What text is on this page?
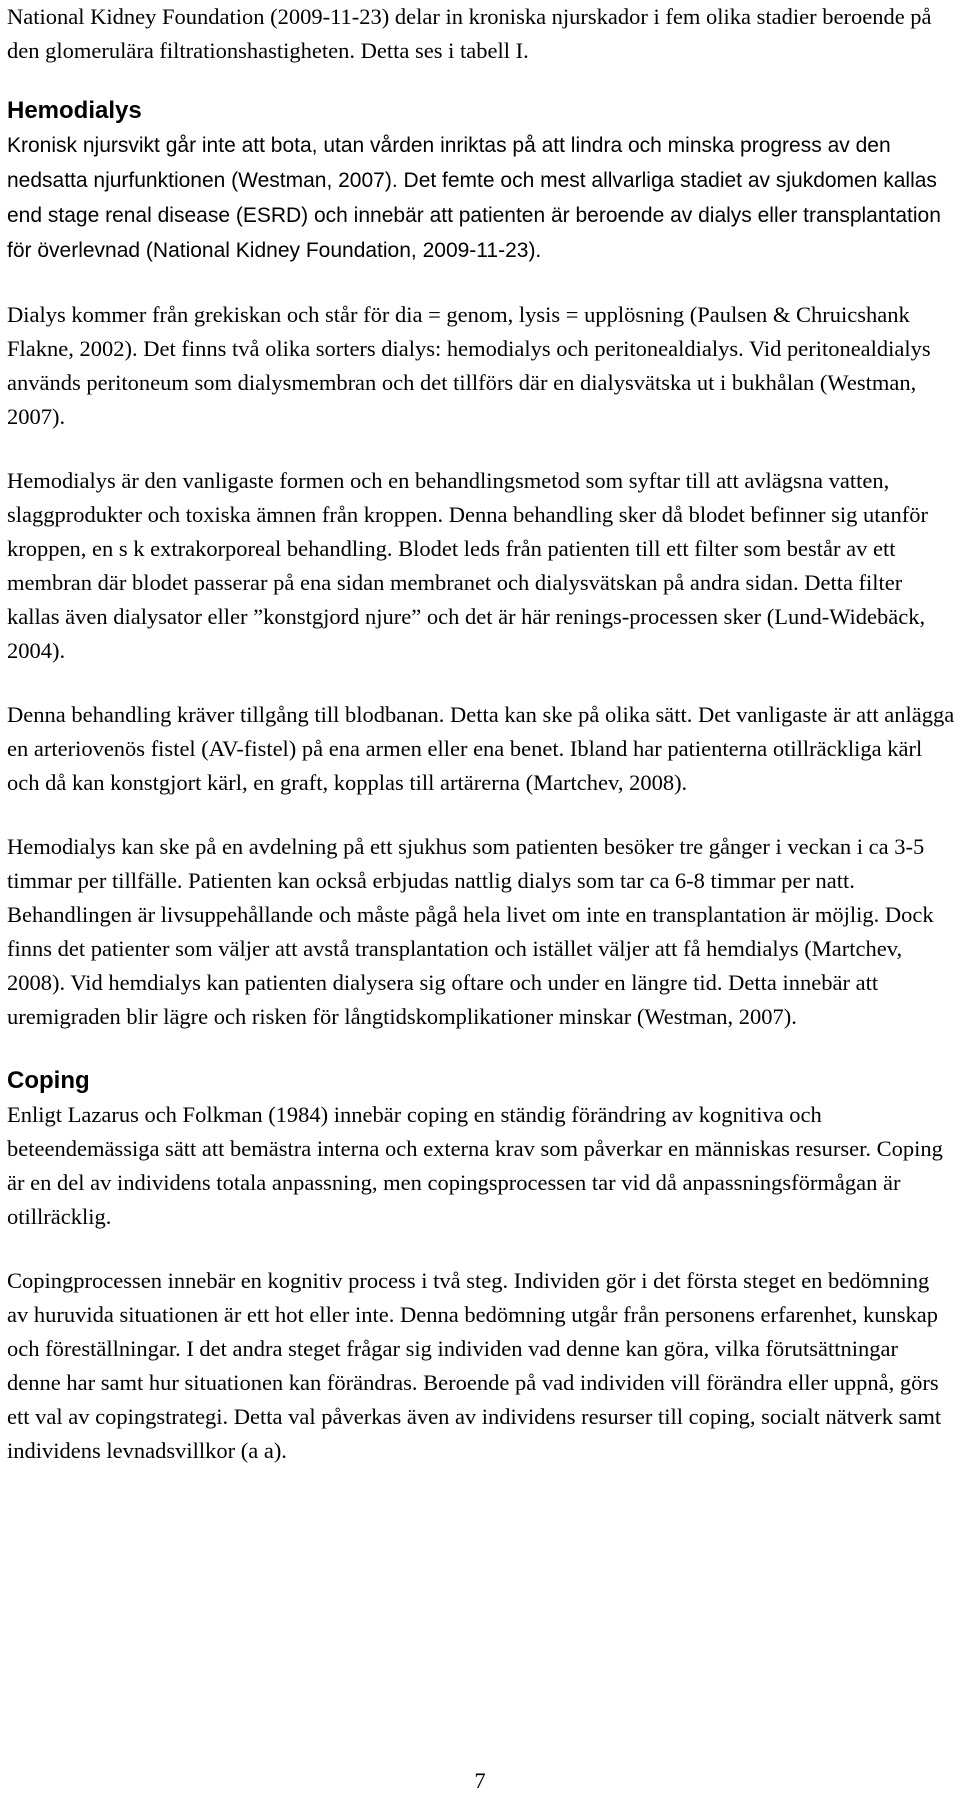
National Kidney Foundation (2009-11-23) delar in kroniska njurskador i fem olika stadier beroende på den glomerulära filtrationshastigheten. Detta ses i tabell I.

Hemodialys

Kronisk njursvikt går inte att bota, utan vården inriktas på att lindra och minska progress av den nedsatta njurfunktionen (Westman, 2007). Det femte och mest allvarliga stadiet av sjukdomen kallas end stage renal disease (ESRD) och innebär att patienten är beroende av dialys eller transplantation för överlevnad (National Kidney Foundation, 2009-11-23).

Dialys kommer från grekiskan och står för dia = genom, lysis = upplösning (Paulsen & Chruicshank Flakne, 2002). Det finns två olika sorters dialys: hemodialys och peritonealdialys. Vid peritonealdialys används peritoneum som dialysmembran och det tillförs där en dialysvätska ut i bukhålan (Westman, 2007).

Hemodialys är den vanligaste formen och en behandlingsmetod som syftar till att avlägsna vatten, slaggprodukter och toxiska ämnen från kroppen. Denna behandling sker då blodet befinner sig utanför kroppen, en s k extrakorporeal behandling. Blodet leds från patienten till ett filter som består av ett membran där blodet passerar på ena sidan membranet och dialysvätskan på andra sidan. Detta filter kallas även dialysator eller ”konstgjord njure” och det är här renings-processen sker (Lund-Widebäck, 2004).

Denna behandling kräver tillgång till blodbanan. Detta kan ske på olika sätt. Det vanligaste är att anlägga en arteriovenös fistel (AV-fistel) på ena armen eller ena benet. Ibland har patienterna otillräckliga kärl och då kan konstgjort kärl, en graft, kopplas till artärerna (Martchev, 2008).

Hemodialys kan ske på en avdelning på ett sjukhus som patienten besöker tre gånger i veckan i ca 3-5 timmar per tillfälle. Patienten kan också erbjudas nattlig dialys som tar ca 6-8 timmar per natt. Behandlingen är livsuppehållande och måste pågå hela livet om inte en transplantation är möjlig. Dock finns det patienter som väljer att avstå transplantation och istället väljer att få hemdialys (Martchev, 2008). Vid hemdialys kan patienten dialysera sig oftare och under en längre tid. Detta innebär att uremigraden blir lägre och risken för långtidskomplikationer minskar (Westman, 2007).

Coping

Enligt Lazarus och Folkman (1984) innebär coping en ständig förändring av kognitiva och beteendemässiga sätt att bemästra interna och externa krav som påverkar en människas resurser. Coping är en del av individens totala anpassning, men copingsprocessen tar vid då anpassningsförmågan är otillräcklig.

Copingprocessen innebär en kognitiv process i två steg. Individen gör i det första steget en bedömning av huruvida situationen är ett hot eller inte. Denna bedömning utgår från personens erfarenhet, kunskap och föreställningar. I det andra steget frågar sig individen vad denne kan göra, vilka förutsättningar denne har samt hur situationen kan förändras. Beroende på vad individen vill förändra eller uppnå, görs ett val av copingstrategi. Detta val påverkas även av individens resurser till coping, socialt nätverk samt individens levnadsvillkor (a a).

7
